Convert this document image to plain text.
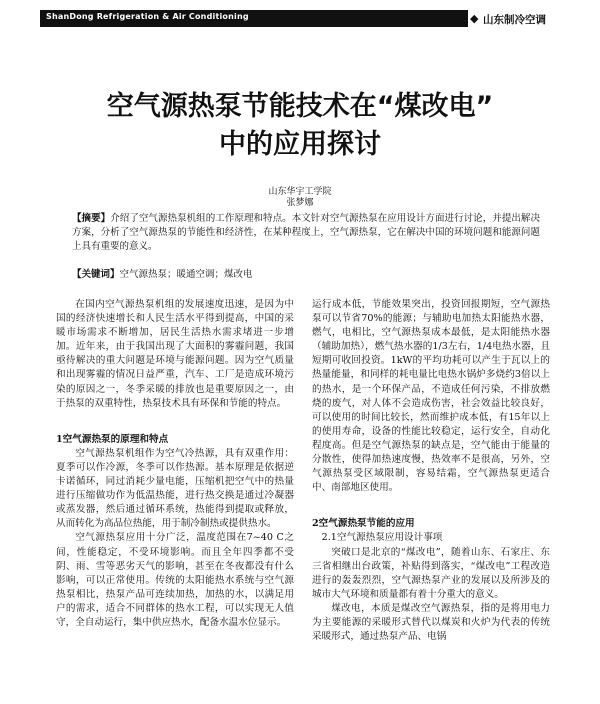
ShanDong Refrigeration & Air Conditioning	◆ 山东制冷空调
空气源热泵节能技术在“煤改电”
中的应用探讨
山东华宇工学院
张梦娜
【摘要】介绍了空气源热泵机组的工作原理和特点。本文针对空气源热泵在应用设计方面进行讨论，并提出解决方案，分析了空气源热泵的节能性和经济性，在某种程度上，空气源热泵，它在解决中国的环境问题和能源问题上具有重要的意义。
【关键词】空气源热泵；暖通空调；煤改电

在国内空气源热泵机组的发展速度迅速，是因为中国的经济快速增长和人民生活水平得到提高，中国的采暖市场需求不断增加，居民生活热水需求堵进一步增加。近年来，由于我国出现了大面积的雾霾问题，我国亟待解决的重大问题是环境与能源问题。因为空气质量和出现雾霾的情况日益严重，汽车、工厂是造成环境污染的原因之一，冬季采暖的排放也是重要原因之一，由于热泵的双重特性，热泵技术具有环保和节能的特点。

1空气源热泵的原理和特点

空气源热泵机组作为空气冷热源，具有双重作用：夏季可以作冷源，冬季可以作热源。基本原理是依据逆卡诺循环，同过消耗少量电能，压缩机把空气中的热量进行压缩做功作为低温热能，进行热交换是通过冷凝器或蒸发器，然后通过循环系统，热能得到提取或释放，从而转化为高品位热能，用于制冷制热或提供热水。

空气源热泵应用十分广泛，温度范围在7~40 C之间，性能稳定，不受环境影响。而且全年四季都不受阴、雨、雪等恶劣天气的影响，甚至在冬夜都没有什么影响，可以正常使用。传统的太阳能热水系统与空气源热泵相比，热泵产品可连续加热，加热的水，以满足用户的需求，适合不同群体的热水工程，可以实现无人值守，全自动运行，集中供应热水，配备水温水位显示。

运行成本低，节能效果突出，投资回报期短，空气源热泵可以节省70%的能源；与辅助电加热太阳能热水器，燃气，电相比，空气源热泵成本最低，是太阳能热水器（辅助加热），燃气热水器的1/3左右，1/4电热水器，且短期可收回投资。1kW的平均功耗可以产生于瓦以上的热量能量，和同样的耗电量比电热水锅炉多烧约3倍以上的热水，是一个环保产品，不造成任何污染，不排放燃烧的废气，对人体不会造成伤害，社会效益比较良好，可以使用的时间比较长，然而维护成本低，有15年以上的使用寿命，设备的性能比较稳定，运行安全，自动化程度高。但是空气源热泵的缺点是，空气能由于能量的分散性，使得加热速度慢，热效率不是很高，另外，空气源热泵受区域限制，容易结霜，空气源热泵更适合中、南部地区使用。

2空气源热泵节能的应用
2.1空气源热泵应用设计事项

突破口是北京的“煤改电”，随着山东、石家庄、东三省相继出台政策，补贴得到落实，“煤改电”工程改造进行的轰轰烈烈，空气源热泵产业的发展以及所涉及的城市大气环境和质量都有着十分重大的意义。

煤改电，本质是煤改空气源热泵，指的是将用电力为主要能源的采暖形式替代以煤炭和火炉为代表的传统采暖形式，通过热泵产品、电锅
